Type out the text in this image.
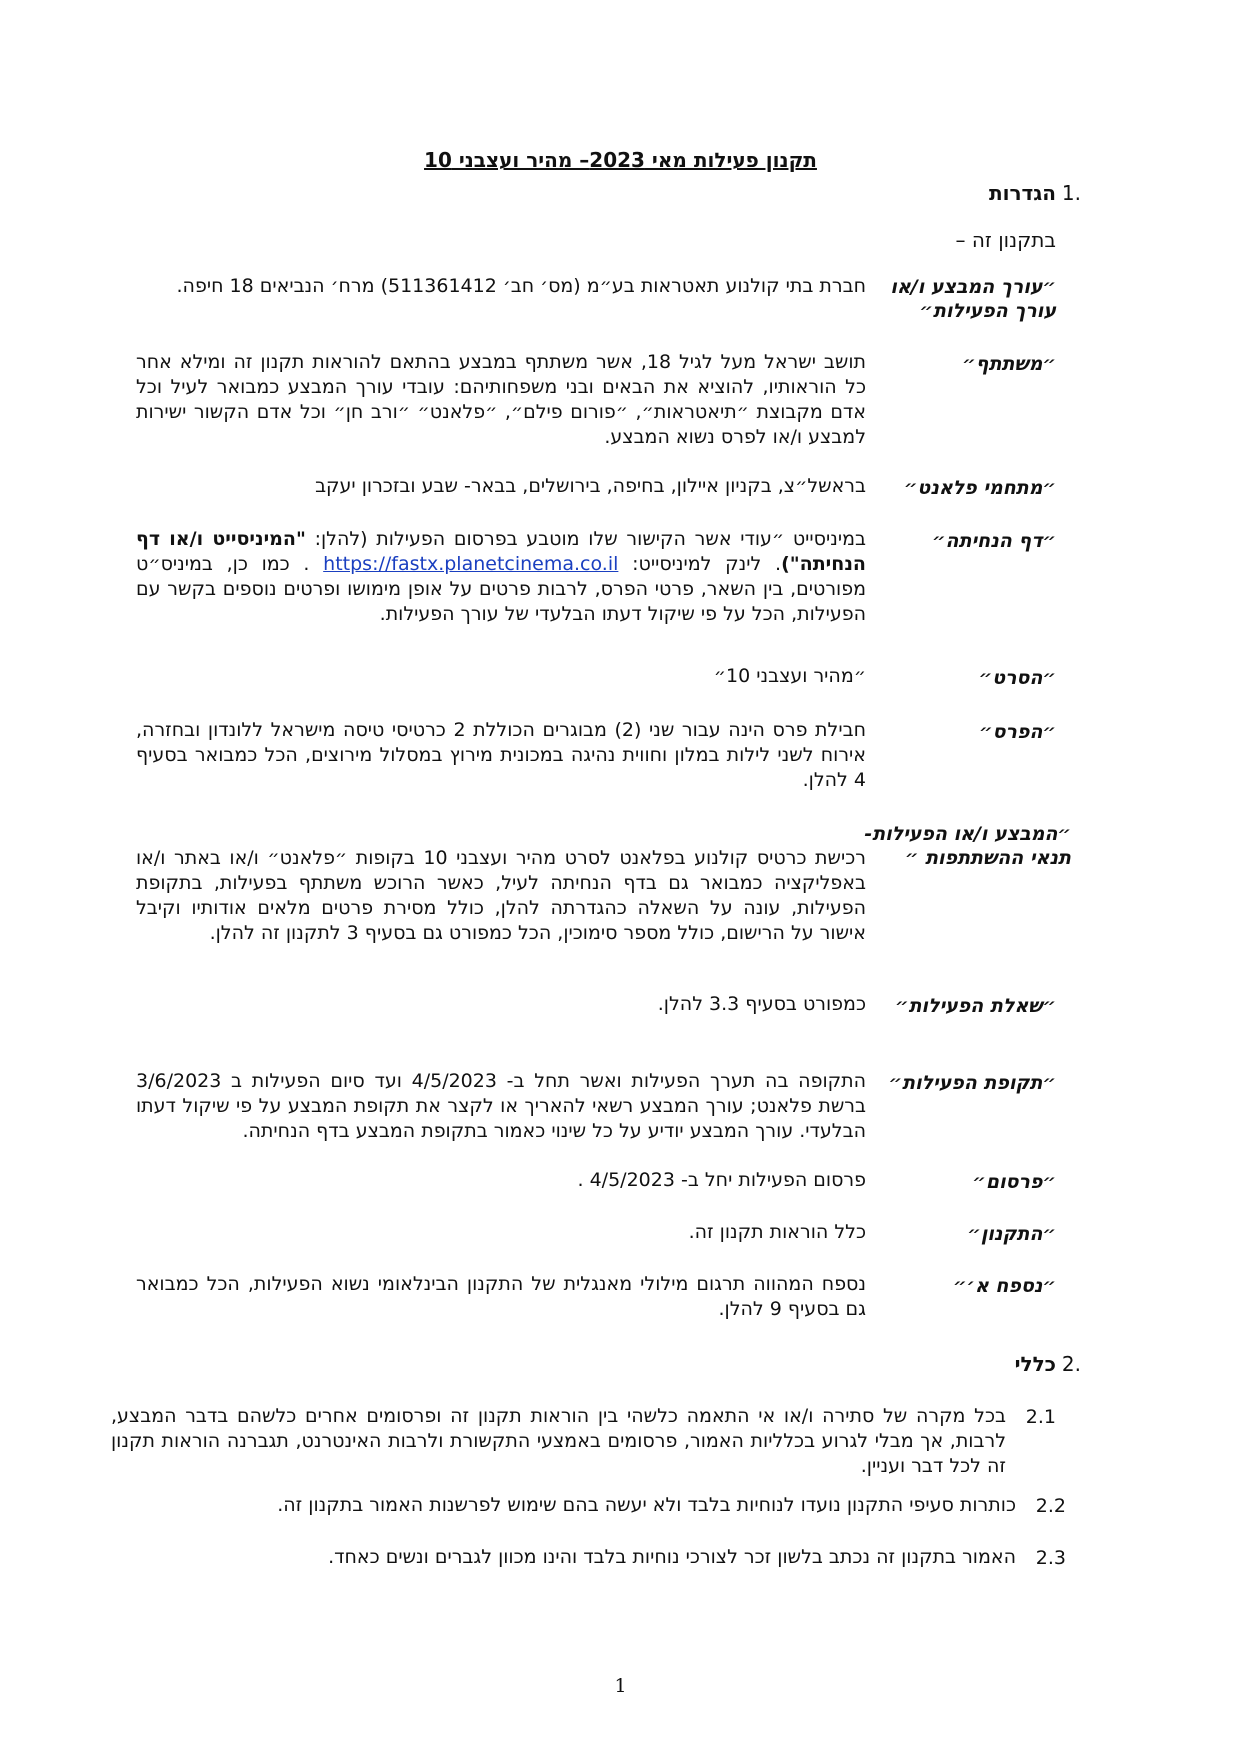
תקנון פעילות מאי 2023– מהיר ועצבני 10
.1
הגדרות
בתקנון זה –
״עורך המבצע ו/או עורך הפעילות״
חברת בתי קולנוע תאטראות בע״מ (מס׳ חב׳ 511361412) מרח׳ הנביאים 18 חיפה.
״משתתף״
תושב ישראל מעל לגיל 18, אשר משתתף במבצע בהתאם להוראות תקנון זה ומילא אחר כל הוראותיו, להוציא את הבאים ובני משפחותיהם: עובדי עורך המבצע כמבואר לעיל וכל אדם מקבוצת ״תיאטראות״, ״פורום פילם״, ״פלאנט״ ״ורב חן״ וכל אדם הקשור ישירות למבצע ו/או לפרס נשוא המבצע.
״מתחמי פלאנט״
בראשל״צ, בקניון איילון, בחיפה, בירושלים, בבאר- שבע ובזכרון יעקב
״דף הנחיתה״
במיניסייט ״עודי אשר הקישור שלו מוטבע בפרסום הפעילות (להלן: "המיניסייט ו/או דף הנחיתה"). לינק למיניסייט: https://fastx.planetcinema.co.il . כמו כן, במיניס״ט מפורטים, בין השאר, פרטי הפרס, לרבות פרטים על אופן מימושו ופרטים נוספים בקשר עם הפעילות, הכל על פי שיקול דעתו הבלעדי של עורך הפעילות.
״הסרט״
״מהיר ועצבני 10״
״הפרס״
חבילת פרס הינה עבור שני (2) מבוגרים הכוללת 2 כרטיסי טיסה מישראל ללונדון ובחזרה, אירוח לשני לילות במלון וחווית נהיגה במכונית מירוץ במסלול מירוצים, הכל כמבואר בסעיף 4 להלן.
״המבצע ו/או הפעילות- תנאי ההשתתפות ״
רכישת כרטיס קולנוע בפלאנט לסרט מהיר ועצבני 10 בקופות ״פלאנט״ ו/או באתר ו/או באפליקציה כמבואר גם בדף הנחיתה לעיל, כאשר הרוכש משתתף בפעילות, בתקופת הפעילות, עונה על השאלה כהגדרתה להלן, כולל מסירת פרטים מלאים אודותיו וקיבל אישור על הרישום, כולל מספר סימוכין, הכל כמפורט גם בסעיף 3 לתקנון זה להלן.
״שאלת הפעילות״
כמפורט בסעיף 3.3 להלן.
״תקופת הפעילות״
התקופה בה תערך הפעילות ואשר תחל ב- 4/5/2023 ועד סיום הפעילות ב 3/6/2023 ברשת פלאנט; עורך המבצע רשאי להאריך או לקצר את תקופת המבצע על פי שיקול דעתו הבלעדי. עורך המבצע יודיע על כל שינוי כאמור בתקופת המבצע בדף הנחיתה.
״פרסום״
פרסום הפעילות יחל ב- 4/5/2023 .
״התקנון״
כלל הוראות תקנון זה.
״נספח א׳״
נספח המהווה תרגום מילולי מאנגלית של התקנון הבינלאומי נשוא הפעילות, הכל כמבואר גם בסעיף 9 להלן.
.2
כללי
2.1
בכל מקרה של סתירה ו/או אי התאמה כלשהי בין הוראות תקנון זה ופרסומים אחרים כלשהם בדבר המבצע, לרבות, אך מבלי לגרוע בכלליות האמור, פרסומים באמצעי התקשורת ולרבות האינטרנט, תגברנה הוראות תקנון זה לכל דבר ועניין.
2.2
כותרות סעיפי התקנון נועדו לנוחיות בלבד ולא יעשה בהם שימוש לפרשנות האמור בתקנון זה.
2.3
האמור בתקנון זה נכתב בלשון זכר לצורכי נוחיות בלבד והינו מכוון לגברים ונשים כאחד.
1
